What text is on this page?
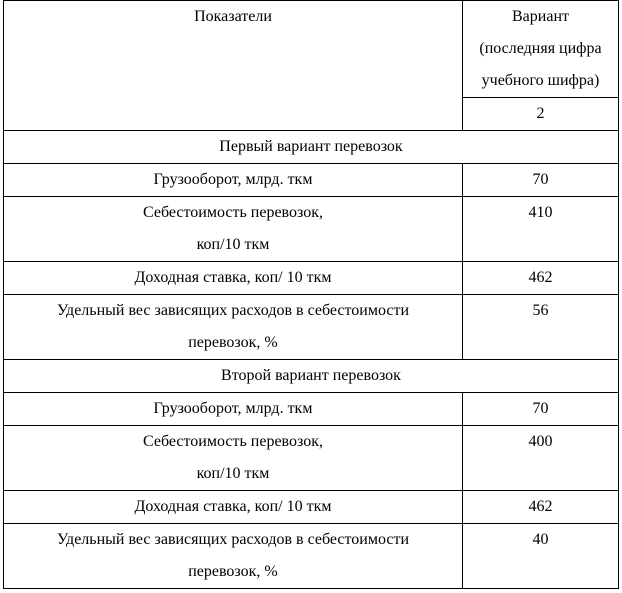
Показатели	Вариант
(последняя цифра
учебного шифра)

	2
Первый вариант перевозок	
Грузооборот, млрд. ткм	70

Себестоимость перевозок,
коп/10 ткм	410
Доходная ставка, коп/ 10 ткм	462

Удельный вес зависящих расходов в себестоимости
перевозок, %	56
Второй вариант перевозок	
Грузооборот, млрд. ткм	70

Себестоимость перевозок,
коп/10 ткм	400
Доходная ставка, коп/ 10 ткм	462

Удельный вес зависящих расходов в себестоимости
перевозок, %	40
